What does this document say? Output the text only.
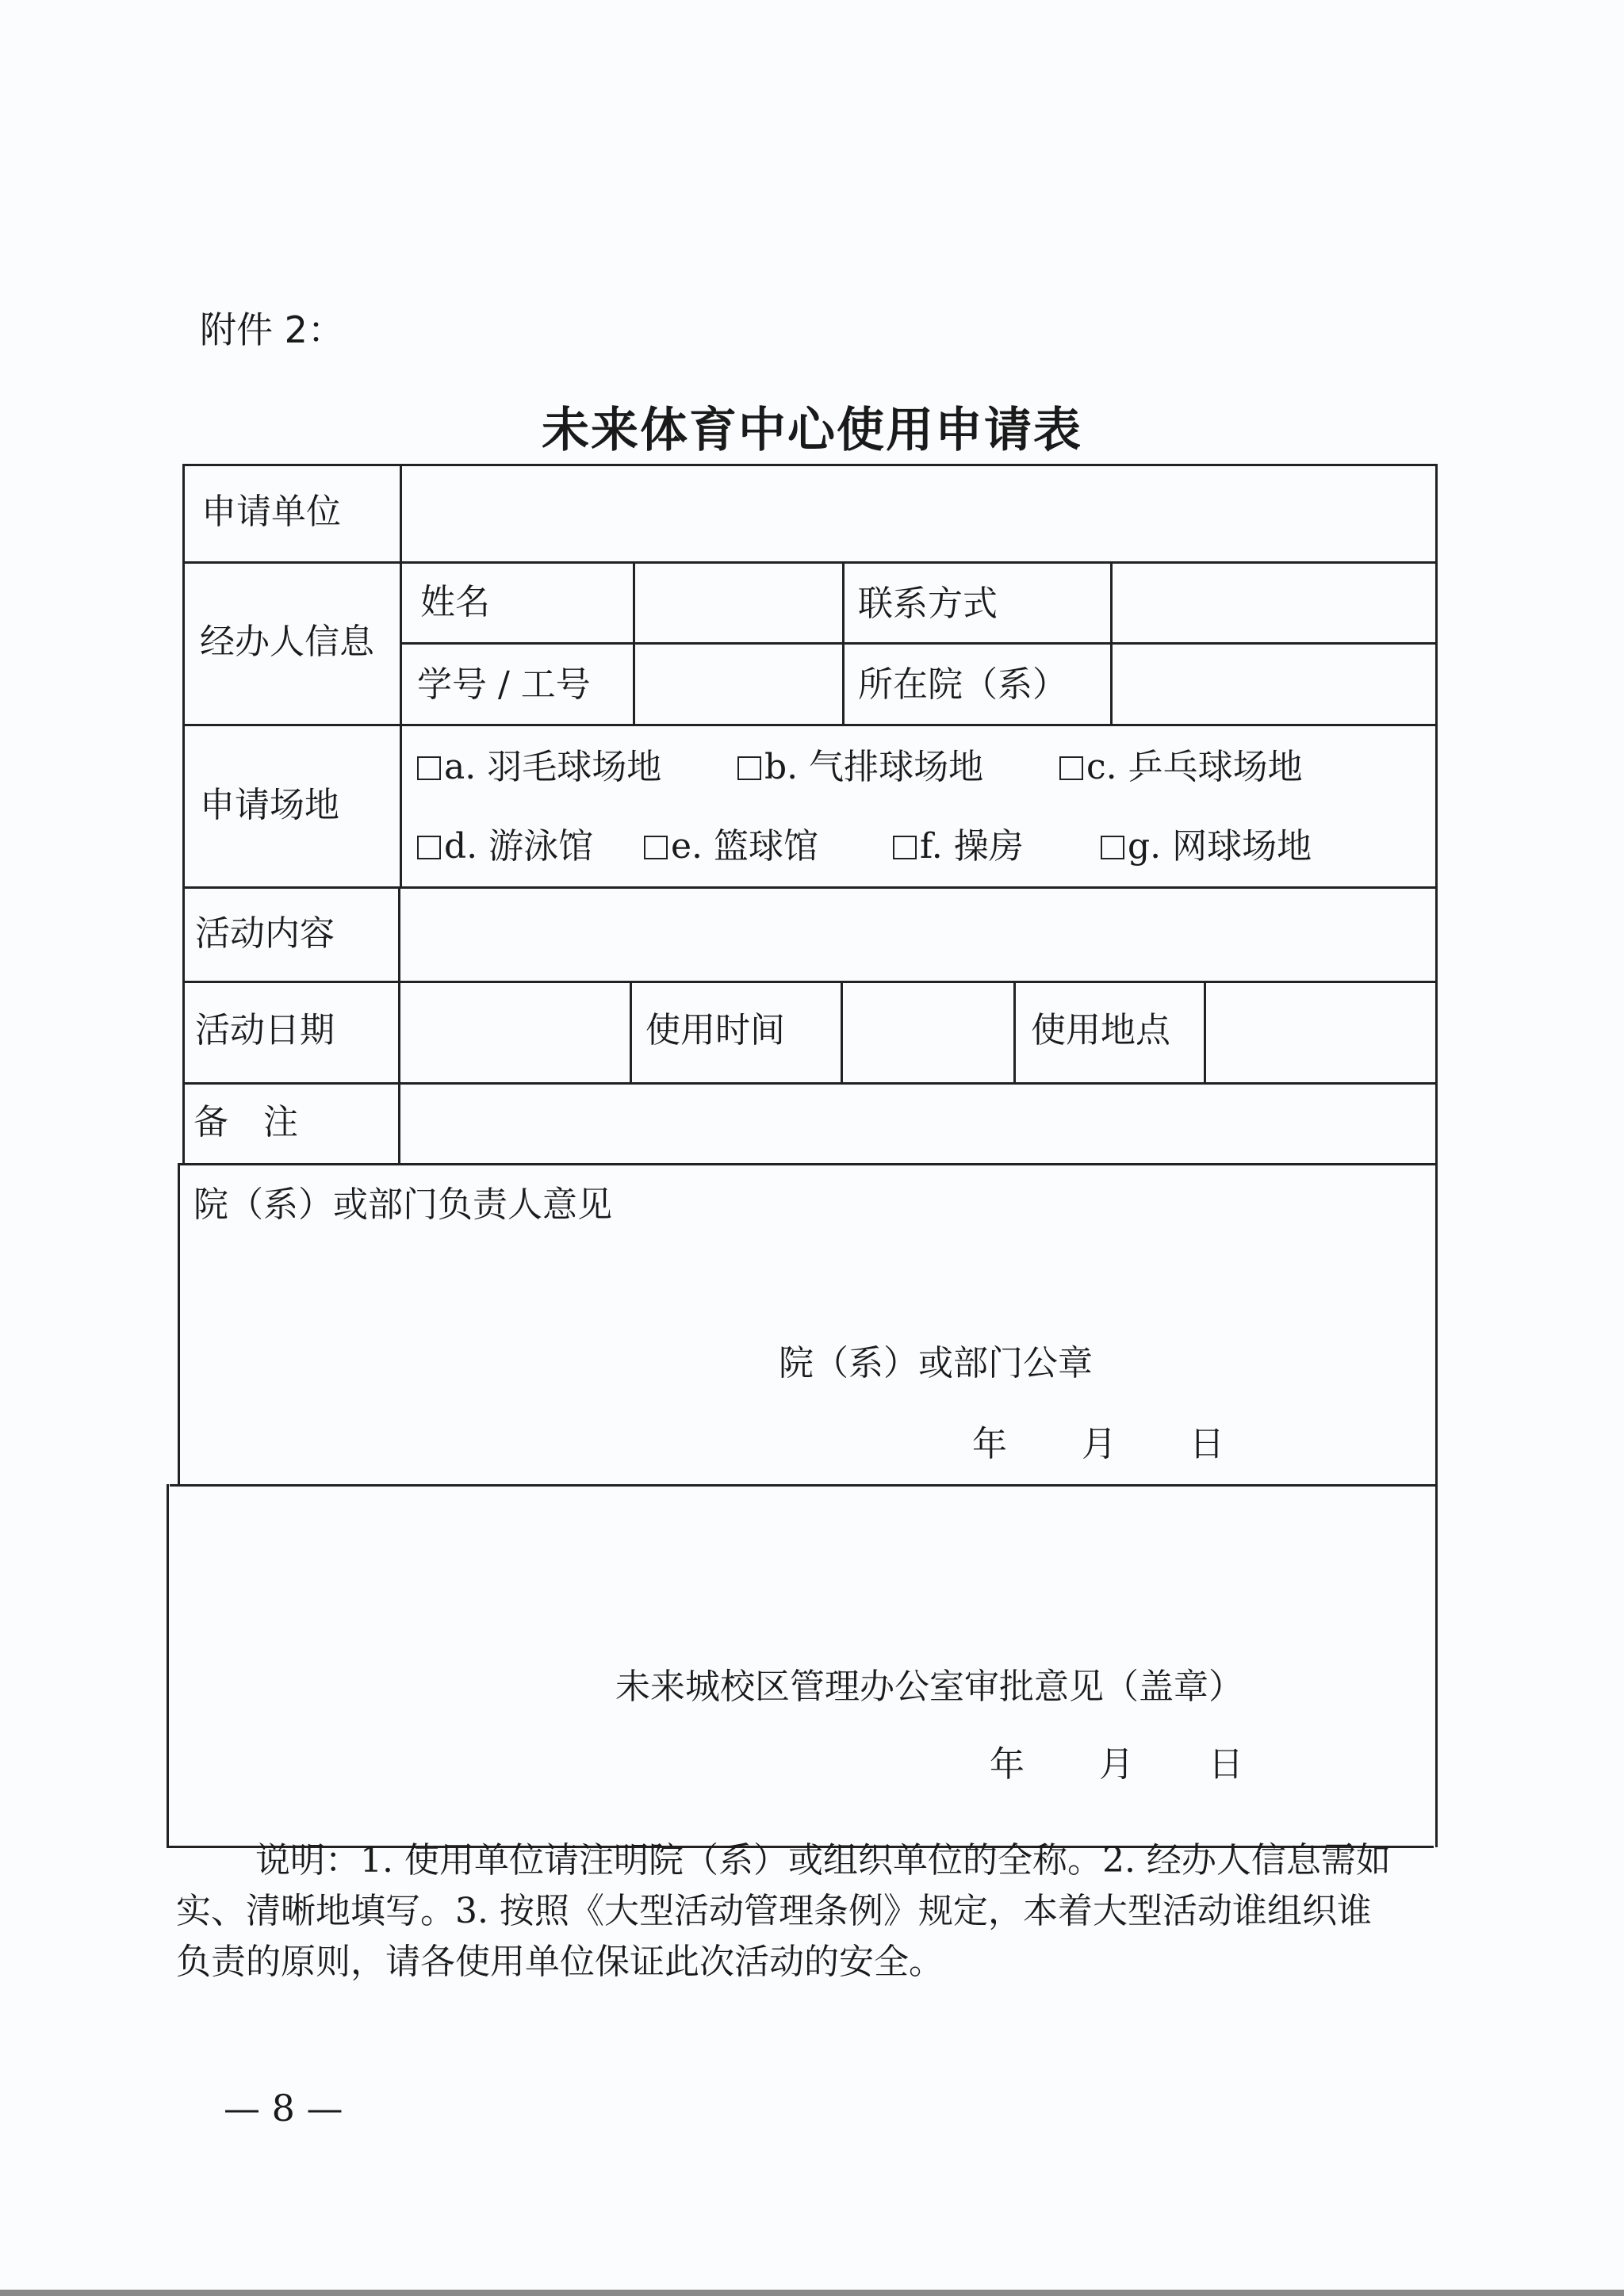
附件 2：
未来体育中心使用申请表
申请单位
经办人信息
姓名	联系方式
学号 / 工号	所在院（系）
申请场地
a. 羽毛球场地	b. 气排球场地	c. 乒乓球场地
d. 游泳馆	e. 篮球馆	f. 操房	g. 网球场地
活动内容
活动日期	使用时间	使用地点
备　注
院（系）或部门负责人意见
院（系）或部门公章
年 月 日
未来城校区管理办公室审批意见（盖章）
年 月 日
说明：1. 使用单位请注明院（系）或组织单位的全称。2. 经办人信息需如实、清晰地填写。3. 按照《大型活动管理条例》规定，本着大型活动谁组织谁负责的原则，请各使用单位保证此次活动的安全。
— 8 —
